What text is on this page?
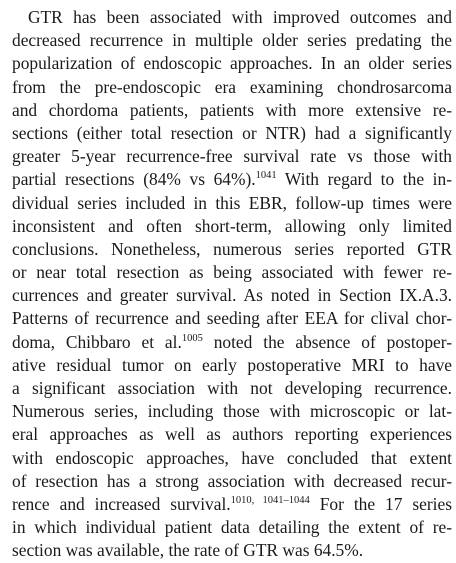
GTR has been associated with improved outcomes and
decreased recurrence in multiple older series predating the
popularization of endoscopic approaches. In an older series
from the pre-endoscopic era examining chondrosarcoma
and chordoma patients, patients with more extensive re-
sections (either total resection or NTR) had a significantly
greater 5-year recurrence-free survival rate vs those with
partial resections (84% vs 64%).$^{1041}$ With regard to the in-
dividual series included in this EBR, follow-up times were
inconsistent and often short-term, allowing only limited
conclusions. Nonetheless, numerous series reported GTR
or near total resection as being associated with fewer re-
currences and greater survival. As noted in Section IX.A.3.
Patterns of recurrence and seeding after EEA for clival chor-
doma, Chibbaro et al.$^{1005}$ noted the absence of postoper-
ative residual tumor on early postoperative MRI to have
a significant association with not developing recurrence.
Numerous series, including those with microscopic or lat-
eral approaches as well as authors reporting experiences
with endoscopic approaches, have concluded that extent
of resection has a strong association with decreased recur-
rence and increased survival.$^{1010, 1041-1044}$ For the 17 series
in which individual patient data detailing the extent of re-
section was available, the rate of GTR was 64.5%.
